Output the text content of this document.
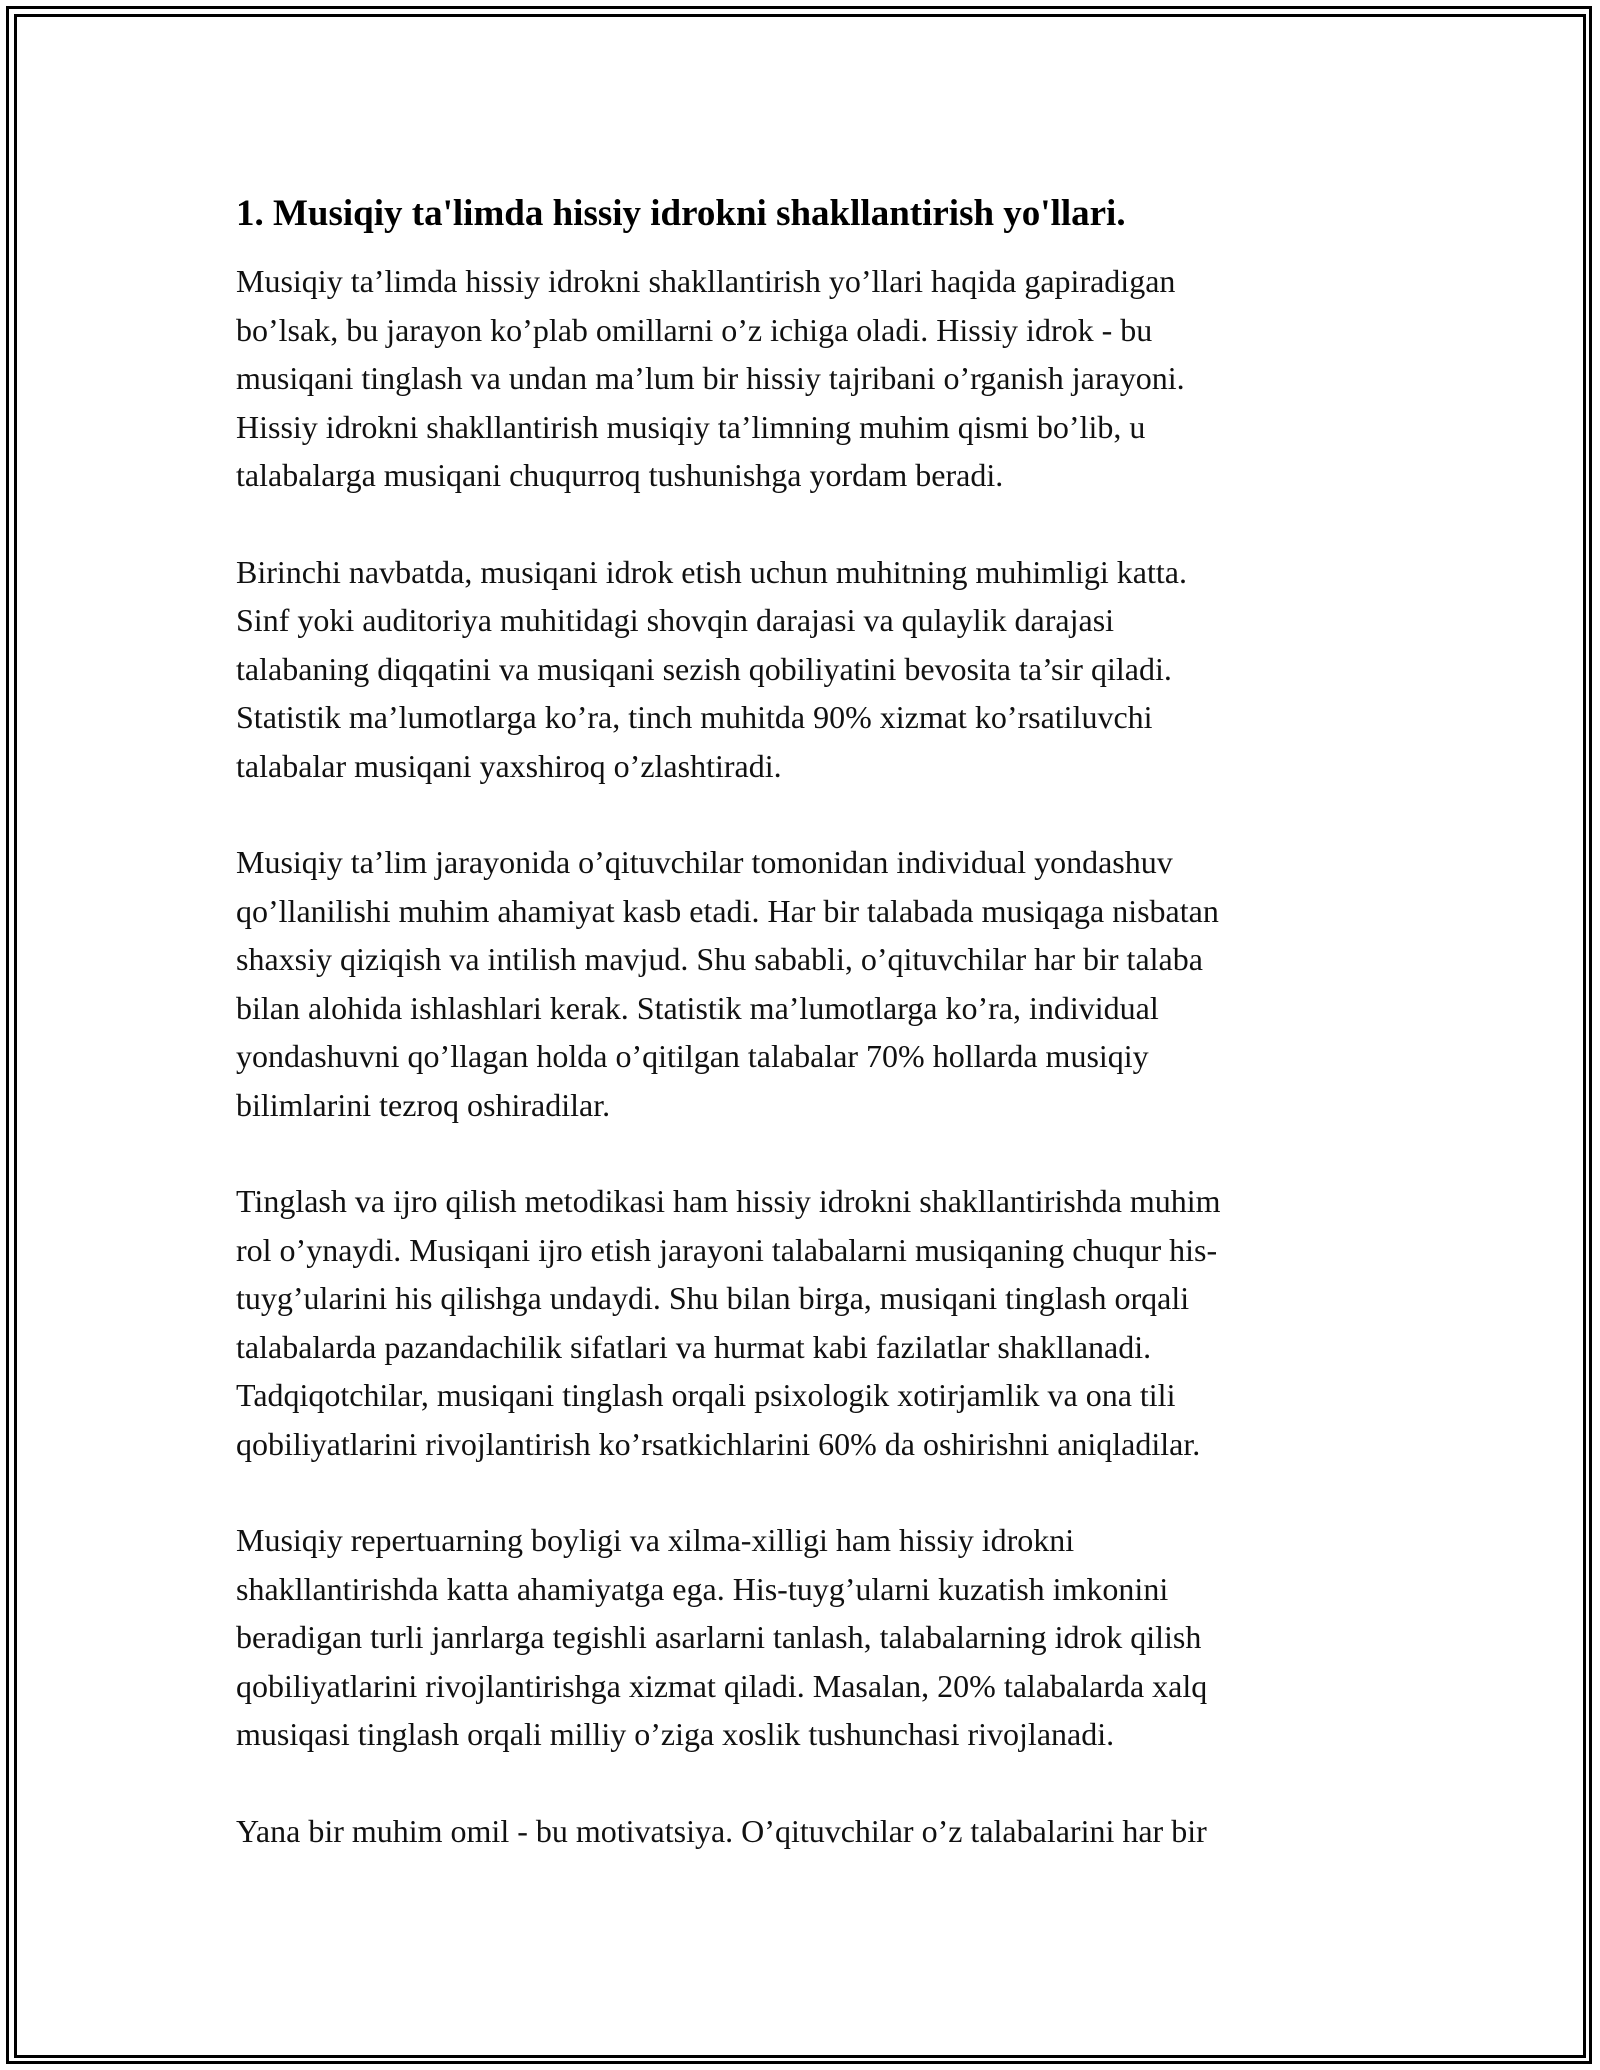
1. Musiqiy ta'limda hissiy idrokni shakllantirish yo'llari.

Musiqiy ta’limda hissiy idrokni shakllantirish yo’llari haqida gapiradigan
bo’lsak, bu jarayon ko’plab omillarni o’z ichiga oladi. Hissiy idrok - bu
musiqani tinglash va undan ma’lum bir hissiy tajribani o’rganish jarayoni.
Hissiy idrokni shakllantirish musiqiy ta’limning muhim qismi bo’lib, u
talabalarga musiqani chuqurroq tushunishga yordam beradi.

Birinchi navbatda, musiqani idrok etish uchun muhitning muhimligi katta.
Sinf yoki auditoriya muhitidagi shovqin darajasi va qulaylik darajasi
talabaning diqqatini va musiqani sezish qobiliyatini bevosita ta’sir qiladi.
Statistik ma’lumotlarga ko’ra, tinch muhitda 90% xizmat ko’rsatiluvchi
talabalar musiqani yaxshiroq o’zlashtiradi.

Musiqiy ta’lim jarayonida o’qituvchilar tomonidan individual yondashuv
qo’llanilishi muhim ahamiyat kasb etadi. Har bir talabada musiqaga nisbatan
shaxsiy qiziqish va intilish mavjud. Shu sababli, o’qituvchilar har bir talaba
bilan alohida ishlashlari kerak. Statistik ma’lumotlarga ko’ra, individual
yondashuvni qo’llagan holda o’qitilgan talabalar 70% hollarda musiqiy
bilimlarini tezroq oshiradilar.

Tinglash va ijro qilish metodikasi ham hissiy idrokni shakllantirishda muhim
rol o’ynaydi. Musiqani ijro etish jarayoni talabalarni musiqaning chuqur his-
tuyg’ularini his qilishga undaydi. Shu bilan birga, musiqani tinglash orqali
talabalarda pazandachilik sifatlari va hurmat kabi fazilatlar shakllanadi.
Tadqiqotchilar, musiqani tinglash orqali psixologik xotirjamlik va ona tili
qobiliyatlarini rivojlantirish ko’rsatkichlarini 60% da oshirishni aniqladilar.

Musiqiy repertuarning boyligi va xilma-xilligi ham hissiy idrokni
shakllantirishda katta ahamiyatga ega. His-tuyg’ularni kuzatish imkonini
beradigan turli janrlarga tegishli asarlarni tanlash, talabalarning idrok qilish
qobiliyatlarini rivojlantirishga xizmat qiladi. Masalan, 20% talabalarda xalq
musiqasi tinglash orqali milliy o’ziga xoslik tushunchasi rivojlanadi.

Yana bir muhim omil - bu motivatsiya. O’qituvchilar o’z talabalarini har bir
